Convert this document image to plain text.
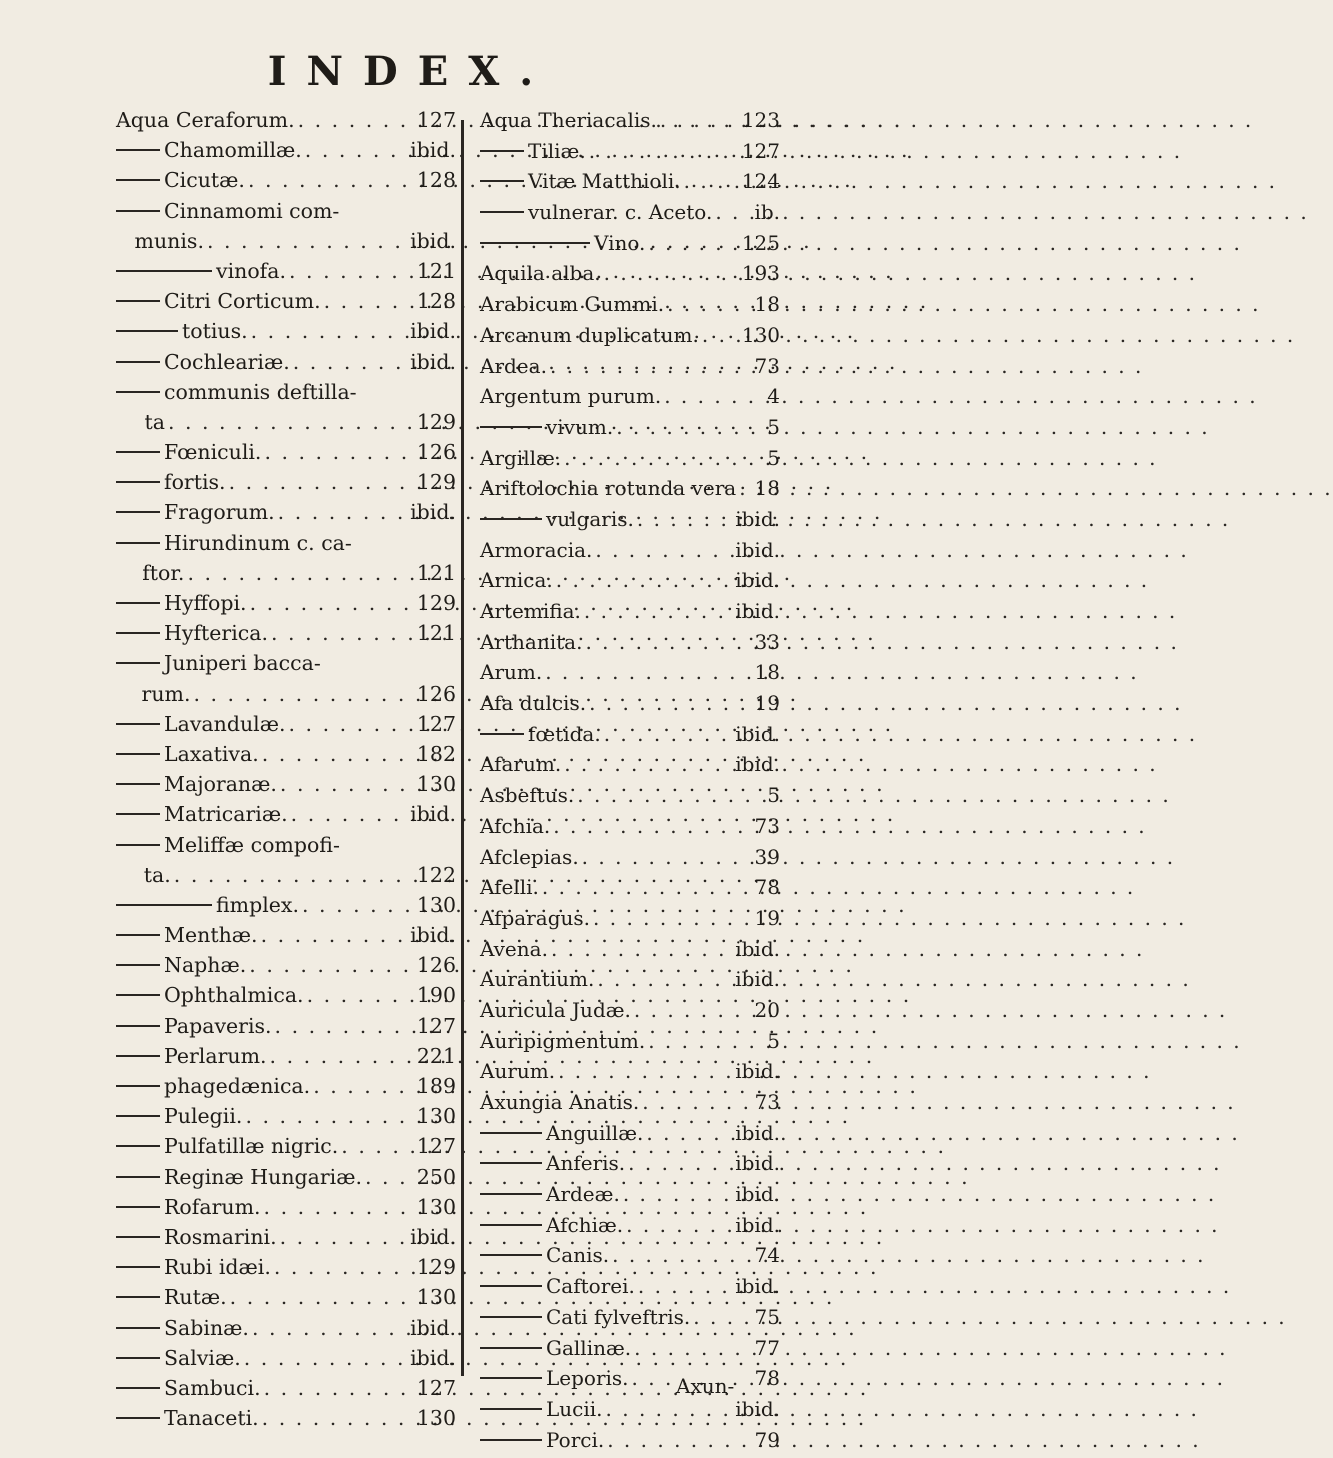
INDEX.
Aqua Ceraforum. . . .	127
Chamomillæ. . . .	ibid.
Cicutæ. . . .	128
Cinnamomi com-
munis. . . .	ibid.
vinofa. . . .	121
Citri Corticum. . . .	128
totius. . . .	ibid.
Cochleariæ. . . .	ibid.
communis deftilla-
ta . . .	129
Fœniculi. . . .	126
fortis. . . .	129
Fragorum. . . .	ibid.
Hirundinum c. ca-
ftor. . . .	121
Hyffopi. . . .	129
Hyfterica. . . .	121
Juniperi bacca-
rum. . . .	126
Lavandulæ. . . .	127
Laxativa. . . .	182
Majoranæ. . . .	130
Matricariæ. . . .	ibid.
Meliffæ compofi-
ta. . . .	122
fimplex. . . .	130
Menthæ. . . .	ibid.
Naphæ. . . .	126
Ophthalmica. . . .	190
Papaveris. . . .	127
Perlarum. . . .	221
phagedænica. . . .	189
Pulegii. . . .	130
Pulfatillæ nigric. . . .	127
Reginæ Hungariæ. . . .	250
Rofarum. . . .	130
Rosmarini. . . .	ibid.
Rubi idæi. . . .	129
Rutæ. . . .	130
Sabinæ. . . .	ibid.
Salviæ. . . .	ibid.
Sambuci. . . .	127
Tanaceti. . . .	130
Aqua Theriacalis. . . .	123
Tiliæ. . . .	127
Vitæ Matthioli. . . .	124
vulnerar. c. Aceto. . . . ib.
Vino. . . .	125
Aquila alba. . . .	193
Arabicum Gummi. . . .	18
Arcanum duplicatum. . . . 130
Ardea. . . .	73
Argentum purum. . . .	4
vivum. . . .	5
Argillæ. . . .	5
Ariftolochia rotunda vera . . . 18
vulgaris. . . .	ibid.
Armoracia. . . .	ibid.
Arnica. . . .	ibid.
Artemifia. . . .	ibid.
Arthanita. . . .	33
Arum. . . .	18
Afa dulcis. . . .	19
fœtida. . . .	ibid.
Afarum. . . .	ibid.
Asbeftus. . . .	5
Afchia. . . .	73
Afclepias. . . .	39
Afelli. . . .	78
Afparagus. . . .	19
Avena. . . .	ibid.
Aurantium. . . .	ibid.
Auricula Judæ. . . .	20
Auripigmentum. . . .	5
Aurum. . . .	ibid.
Axungia Anatis. . . .	73
Anguillæ. . . .	ibid.
Anferis. . . .	ibid.
Ardeæ. . . .	ibid.
Afchiæ. . . .	ibid.
Canis. . . .	74
Caftorei. . . .	ibid.
Cati fylveftris. . . .	75
Gallinæ. . . .	77
Leporis. . . .	78
Lucii. . . .	ibid.
Porci. . . .	79
Axun-
